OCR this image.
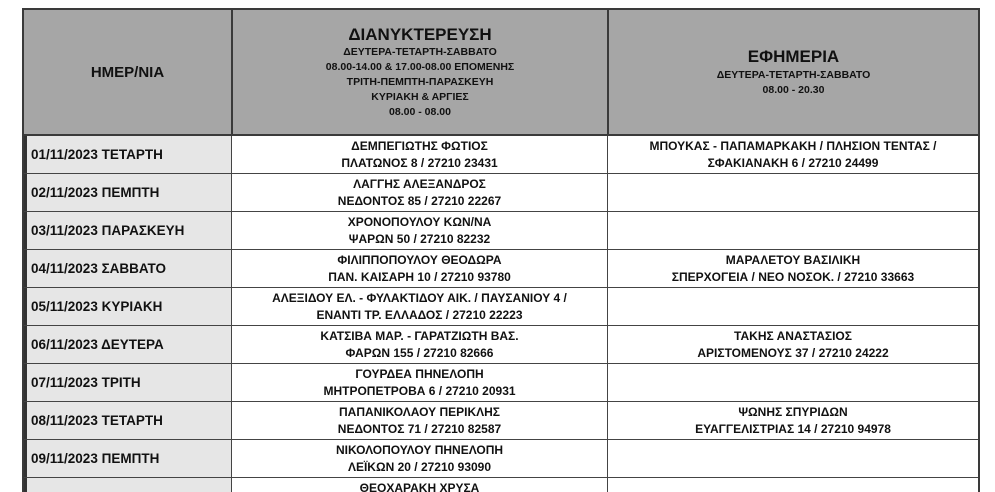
ΗΜΕΡ/ΝΙΑ
ΔΙΑΝΥΚΤΕΡΕΥΣΗ
ΔΕΥΤΕΡΑ-ΤΕΤΑΡΤΗ-ΣΑΒΒΑΤΟ
08.00-14.00 & 17.00-08.00 ΕΠΟΜΕΝΗΣ
ΤΡΙΤΗ-ΠΕΜΠΤΗ-ΠΑΡΑΣΚΕΥΗ
ΚΥΡΙΑΚΗ & ΑΡΓΙΕΣ
08.00 - 08.00
ΕΦΗΜΕΡΙΑ
ΔΕΥΤΕΡΑ-ΤΕΤΑΡΤΗ-ΣΑΒΒΑΤΟ
08.00 - 20.30
01/11/2023 ΤΕΤΑΡΤΗ
ΔΕΜΠΕΓΙΩΤΗΣ ΦΩΤΙΟΣ
ΠΛΑΤΩΝΟΣ 8 / 27210 23431
ΜΠΟΥΚΑΣ - ΠΑΠΑΜΑΡΚΑΚΗ / ΠΛΗΣΙΟΝ ΤΕΝΤΑΣ /
ΣΦΑΚΙΑΝΑΚΗ 6 / 27210 24499
02/11/2023 ΠΕΜΠΤΗ
ΛΑΓΓΗΣ ΑΛΕΞΑΝΔΡΟΣ
ΝΕΔΟΝΤΟΣ 85 / 27210 22267
03/11/2023 ΠΑΡΑΣΚΕΥΗ
ΧΡΟΝΟΠΟΥΛΟΥ ΚΩΝ/ΝΑ
ΨΑΡΩΝ 50 / 27210 82232
04/11/2023 ΣΑΒΒΑΤΟ
ΦΙΛΙΠΠΟΠΟΥΛΟΥ ΘΕΟΔΩΡΑ
ΠΑΝ. ΚΑΙΣΑΡΗ 10 / 27210 93780
ΜΑΡΑΛΕΤΟΥ ΒΑΣΙΛΙΚΗ
ΣΠΕΡΧΟΓΕΙΑ / ΝΕΟ ΝΟΣΟΚ. / 27210 33663
05/11/2023 ΚΥΡΙΑΚΗ
ΑΛΕΞΙΔΟΥ ΕΛ. - ΦΥΛΑΚΤΙΔΟΥ ΑΙΚ. / ΠΑΥΣΑΝΙΟΥ 4 /
ΕΝΑΝΤΙ ΤΡ. ΕΛΛΑΔΟΣ / 27210 22223
06/11/2023 ΔΕΥΤΕΡΑ
ΚΑΤΣΙΒΑ ΜΑΡ. - ΓΑΡΑΤΖΙΩΤΗ ΒΑΣ.
ΦΑΡΩΝ 155 / 27210 82666
ΤΑΚΗΣ ΑΝΑΣΤΑΣΙΟΣ
ΑΡΙΣΤΟΜΕΝΟΥΣ 37 / 27210 24222
07/11/2023 ΤΡΙΤΗ
ΓΟΥΡΔΕΑ ΠΗΝΕΛΟΠΗ
ΜΗΤΡΟΠΕΤΡΟΒΑ 6 / 27210 20931
08/11/2023 ΤΕΤΑΡΤΗ
ΠΑΠΑΝΙΚΟΛΑΟΥ ΠΕΡΙΚΛΗΣ
ΝΕΔΟΝΤΟΣ 71 / 27210 82587
ΨΩΝΗΣ ΣΠΥΡΙΔΩΝ
ΕΥΑΓΓΕΛΙΣΤΡΙΑΣ 14 / 27210 94978
09/11/2023 ΠΕΜΠΤΗ
ΝΙΚΟΛΟΠΟΥΛΟΥ ΠΗΝΕΛΟΠΗ
ΛΕΪΚΩΝ 20 / 27210 93090
ΘΕΟΧΑΡΑΚΗ ΧΡΥΣΑ
